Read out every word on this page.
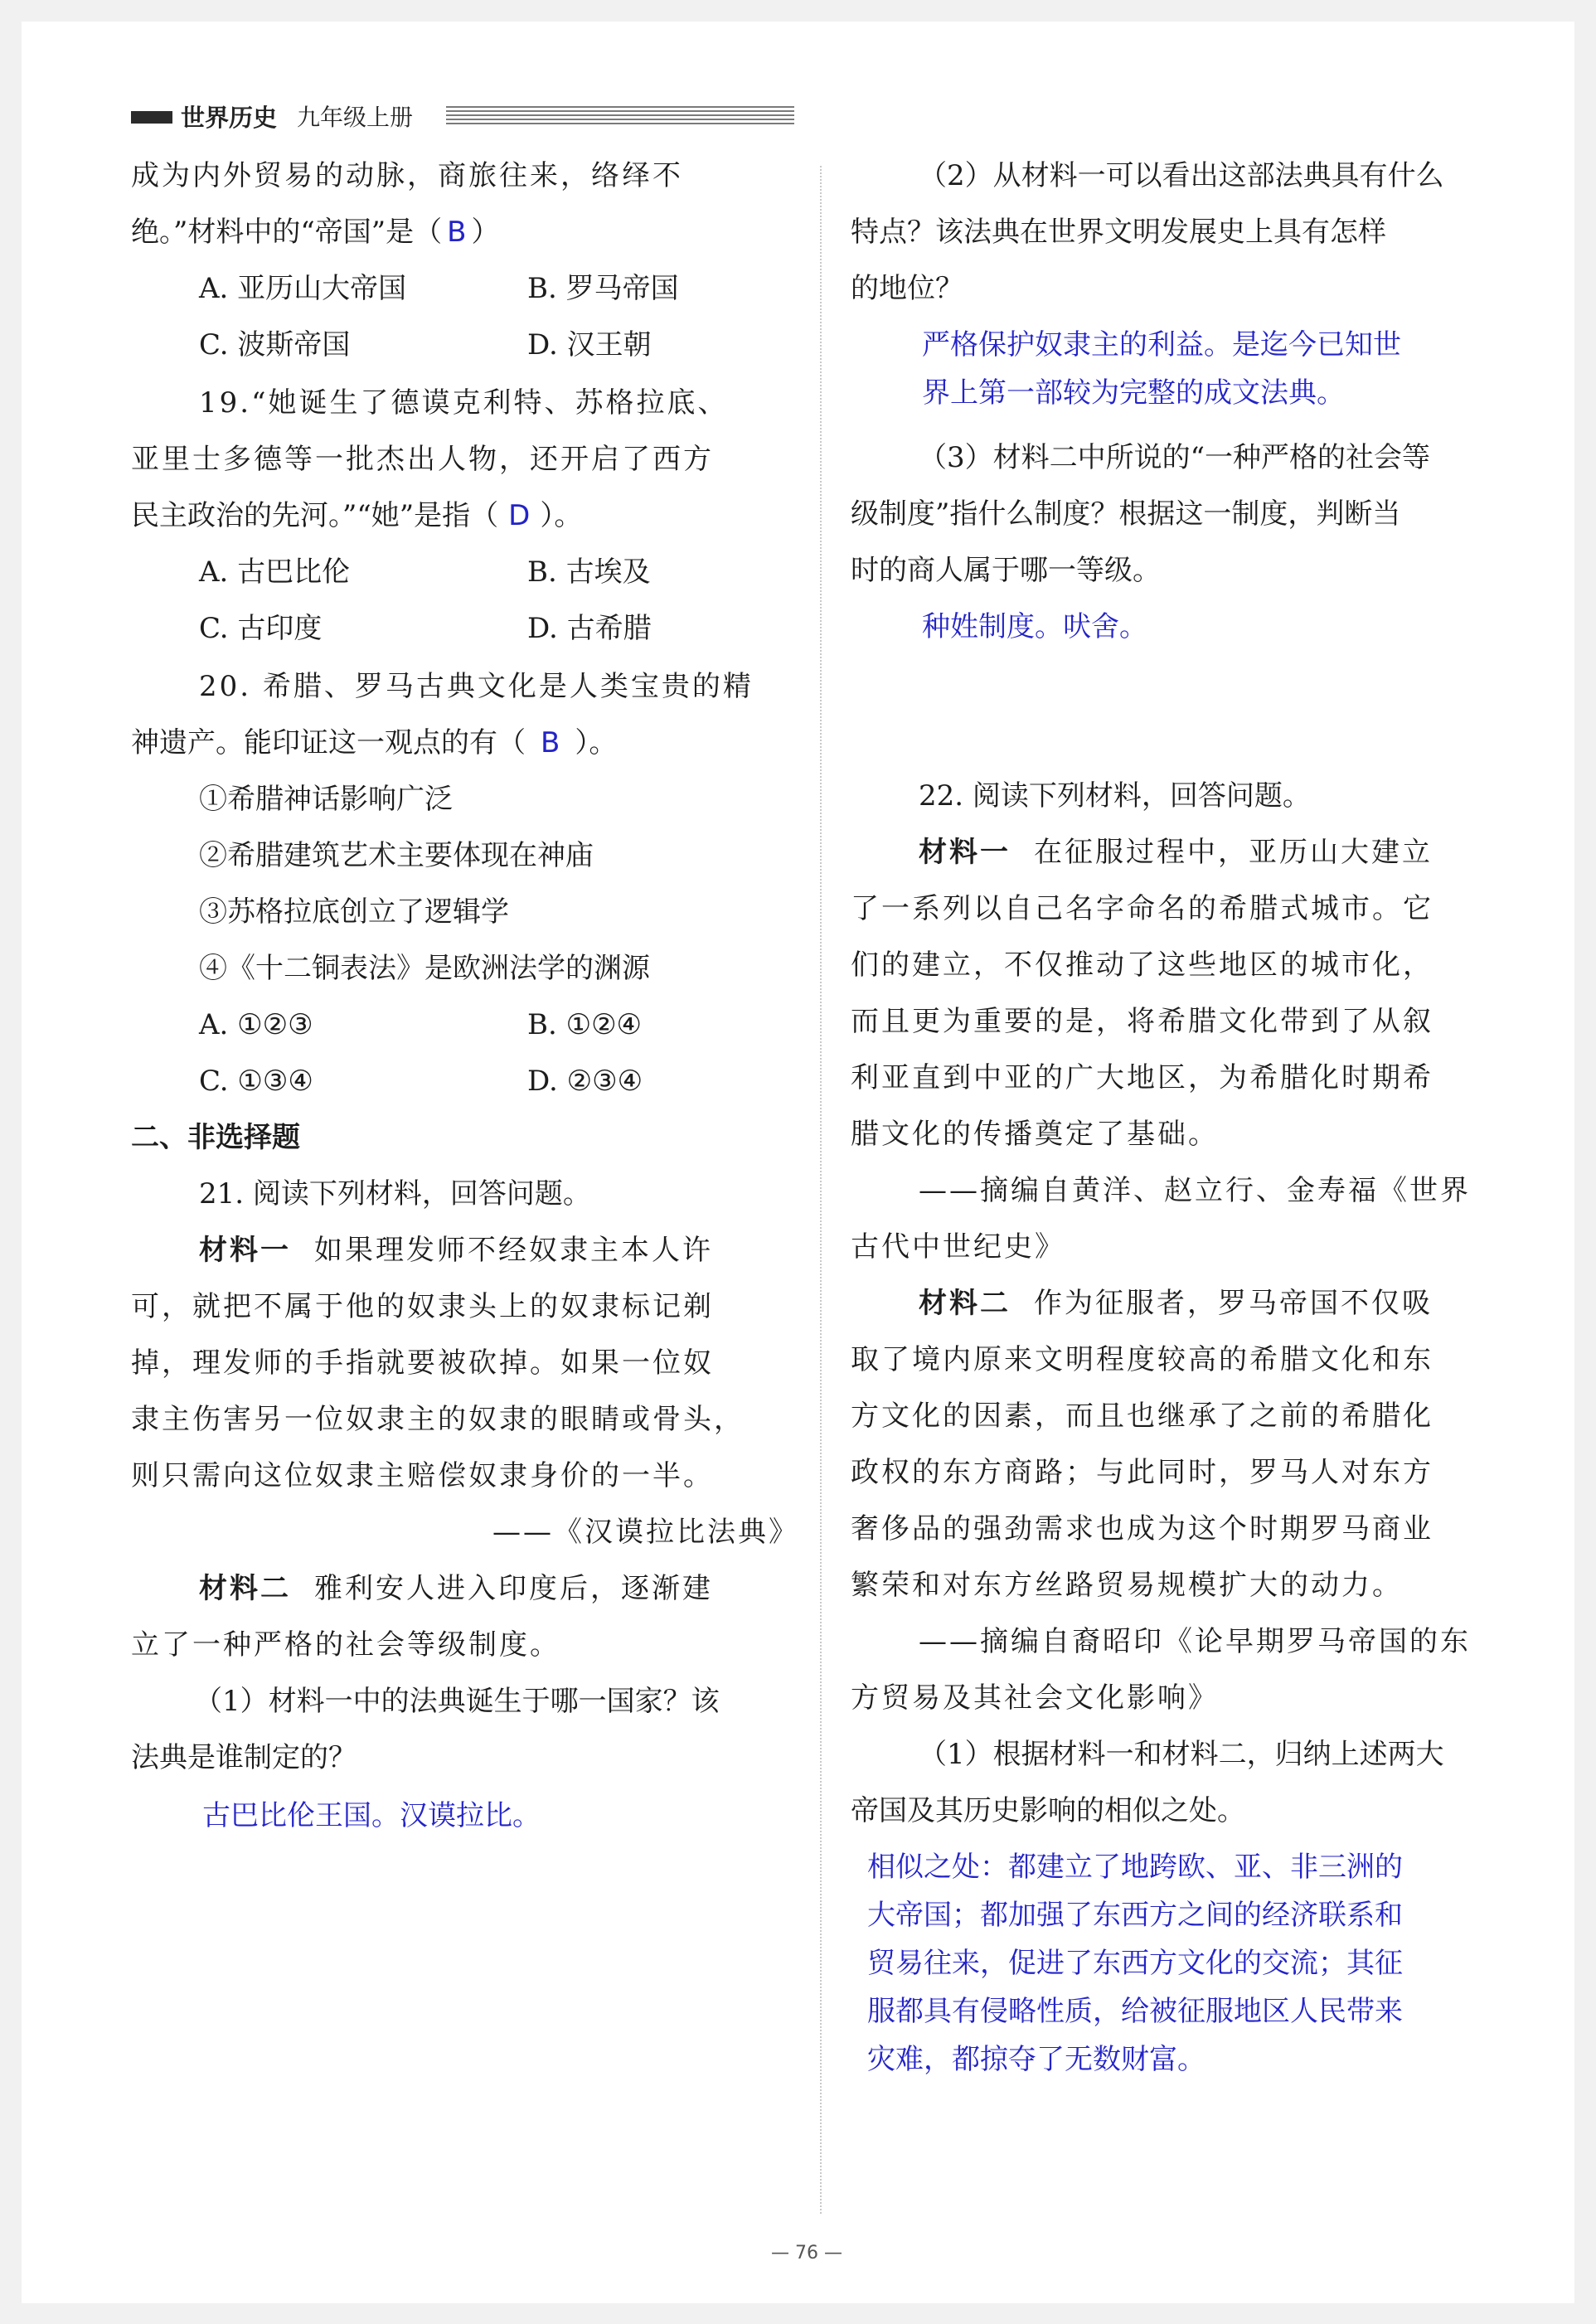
世界历史 九年级上册

成为内外贸易的动脉，商旅往来，络绎不

绝。”材料中的“帝国”是（ B ）

A. 亚历山大帝国	B. 罗马帝国

C. 波斯帝国	D. 汉王朝

19.“她诞生了德谟克利特、苏格拉底、

亚里士多德等一批杰出人物，还开启了西方

民主政治的先河。”“她”是指（ D ）。

A. 古巴比伦	B. 古埃及

C. 古印度	D. 古希腊

20. 希腊、罗马古典文化是人类宝贵的精

神遗产。能印证这一观点的有（ B ）。

①希腊神话影响广泛

②希腊建筑艺术主要体现在神庙

③苏格拉底创立了逻辑学

④《十二铜表法》是欧洲法学的渊源

A. ①②③	B. ①②④

C. ①③④	D. ②③④

二、非选择题

21. 阅读下列材料，回答问题。

材料一 如果理发师不经奴隶主本人许

可，就把不属于他的奴隶头上的奴隶标记剃

掉，理发师的手指就要被砍掉。如果一位奴

隶主伤害另一位奴隶主的奴隶的眼睛或骨头，

则只需向这位奴隶主赔偿奴隶身价的一半。

——《汉谟拉比法典》

材料二 雅利安人进入印度后，逐渐建

立了一种严格的社会等级制度。

（1）材料一中的法典诞生于哪一国家？该

法典是谁制定的？

古巴比伦王国。汉谟拉比。

（2）从材料一可以看出这部法典具有什么

特点？该法典在世界文明发展史上具有怎样

的地位？

严格保护奴隶主的利益。是迄今已知世

界上第一部较为完整的成文法典。

（3）材料二中所说的“一种严格的社会等

级制度”指什么制度？根据这一制度，判断当

时的商人属于哪一等级。

种姓制度。吠舍。

22. 阅读下列材料，回答问题。

材料一 在征服过程中，亚历山大建立

了一系列以自己名字命名的希腊式城市。它

们的建立，不仅推动了这些地区的城市化，

而且更为重要的是，将希腊文化带到了从叙

利亚直到中亚的广大地区，为希腊化时期希

腊文化的传播奠定了基础。

——摘编自黄洋、赵立行、金寿福《世界

古代中世纪史》

材料二 作为征服者，罗马帝国不仅吸

取了境内原来文明程度较高的希腊文化和东

方文化的因素，而且也继承了之前的希腊化

政权的东方商路；与此同时，罗马人对东方

奢侈品的强劲需求也成为这个时期罗马商业

繁荣和对东方丝路贸易规模扩大的动力。

——摘编自裔昭印《论早期罗马帝国的东

方贸易及其社会文化影响》

（1）根据材料一和材料二，归纳上述两大

帝国及其历史影响的相似之处。

相似之处：都建立了地跨欧、亚、非三洲的

大帝国；都加强了东西方之间的经济联系和

贸易往来，促进了东西方文化的交流；其征

服都具有侵略性质，给被征服地区人民带来

灾难，都掠夺了无数财富。

— 76 —
